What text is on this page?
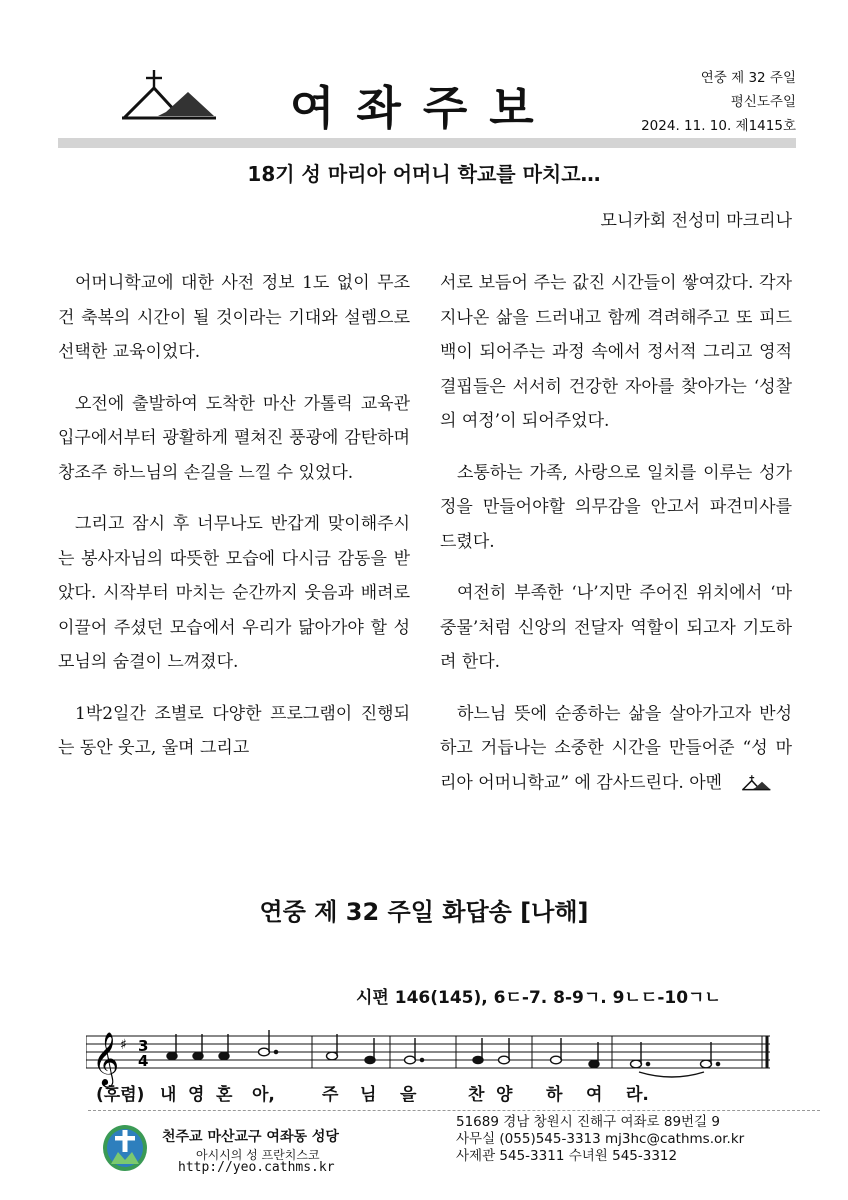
여좌주보
연중 제 32 주일
평신도주일
2024. 11. 10. 제1415호
18기 성 마리아 어머니 학교를 마치고…
모니카회 전성미 마크리나

어머니학교에 대한 사전 정보 1도 없이 무조건 축복의 시간이 될 것이라는 기대와 설렘으로 선택한 교육이었다.

오전에 출발하여 도착한 마산 가톨릭 교육관 입구에서부터 광활하게 펼쳐진 풍광에 감탄하며 창조주 하느님의 손길을 느낄 수 있었다.

그리고 잠시 후 너무나도 반갑게 맞이해주시는 봉사자님의 따뜻한 모습에 다시금 감동을 받았다. 시작부터 마치는 순간까지 웃음과 배려로 이끌어 주셨던 모습에서 우리가 닮아가야 할 성모님의 숨결이 느껴졌다.

1박2일간 조별로 다양한 프로그램이 진행되는 동안 웃고, 울며 그리고

서로 보듬어 주는 값진 시간들이 쌓여갔다. 각자 지나온 삶을 드러내고 함께 격려해주고 또 피드백이 되어주는 과정 속에서 정서적 그리고 영적 결핍들은 서서히 건강한 자아를 찾아가는 ‘성찰의 여정’이 되어주었다.

소통하는 가족, 사랑으로 일치를 이루는 성가정을 만들어야할 의무감을 안고서 파견미사를 드렸다.

여전히 부족한 ‘나’지만 주어진 위치에서 ‘마중물’처럼 신앙의 전달자 역할이 되고자 기도하려 한다.

하느님 뜻에 순종하는 삶을 살아가고자 반성하고 거듭나는 소중한 시간을 만들어준 “성 마리아 어머니학교” 에 감사드린다. 아멘

연중 제 32 주일 화답송 [나해]
시편 146(145), 6ㄷ-7. 8-9ㄱ. 9ㄴㄷ-10ㄱㄴ
𝄞 ♯ 3
4
(후렴) 내 영 혼 아,	주 님 을	찬 양 하 여 라.
천주교 마산교구 여좌동 성당
아시시의 성 프란치스코
http://yeo.cathms.kr
51689 경남 창원시 진해구 여좌로 89번길 9
사무실 (055)545-3313 mj3hc@cathms.or.kr
사제관 545-3311 수녀원 545-3312
